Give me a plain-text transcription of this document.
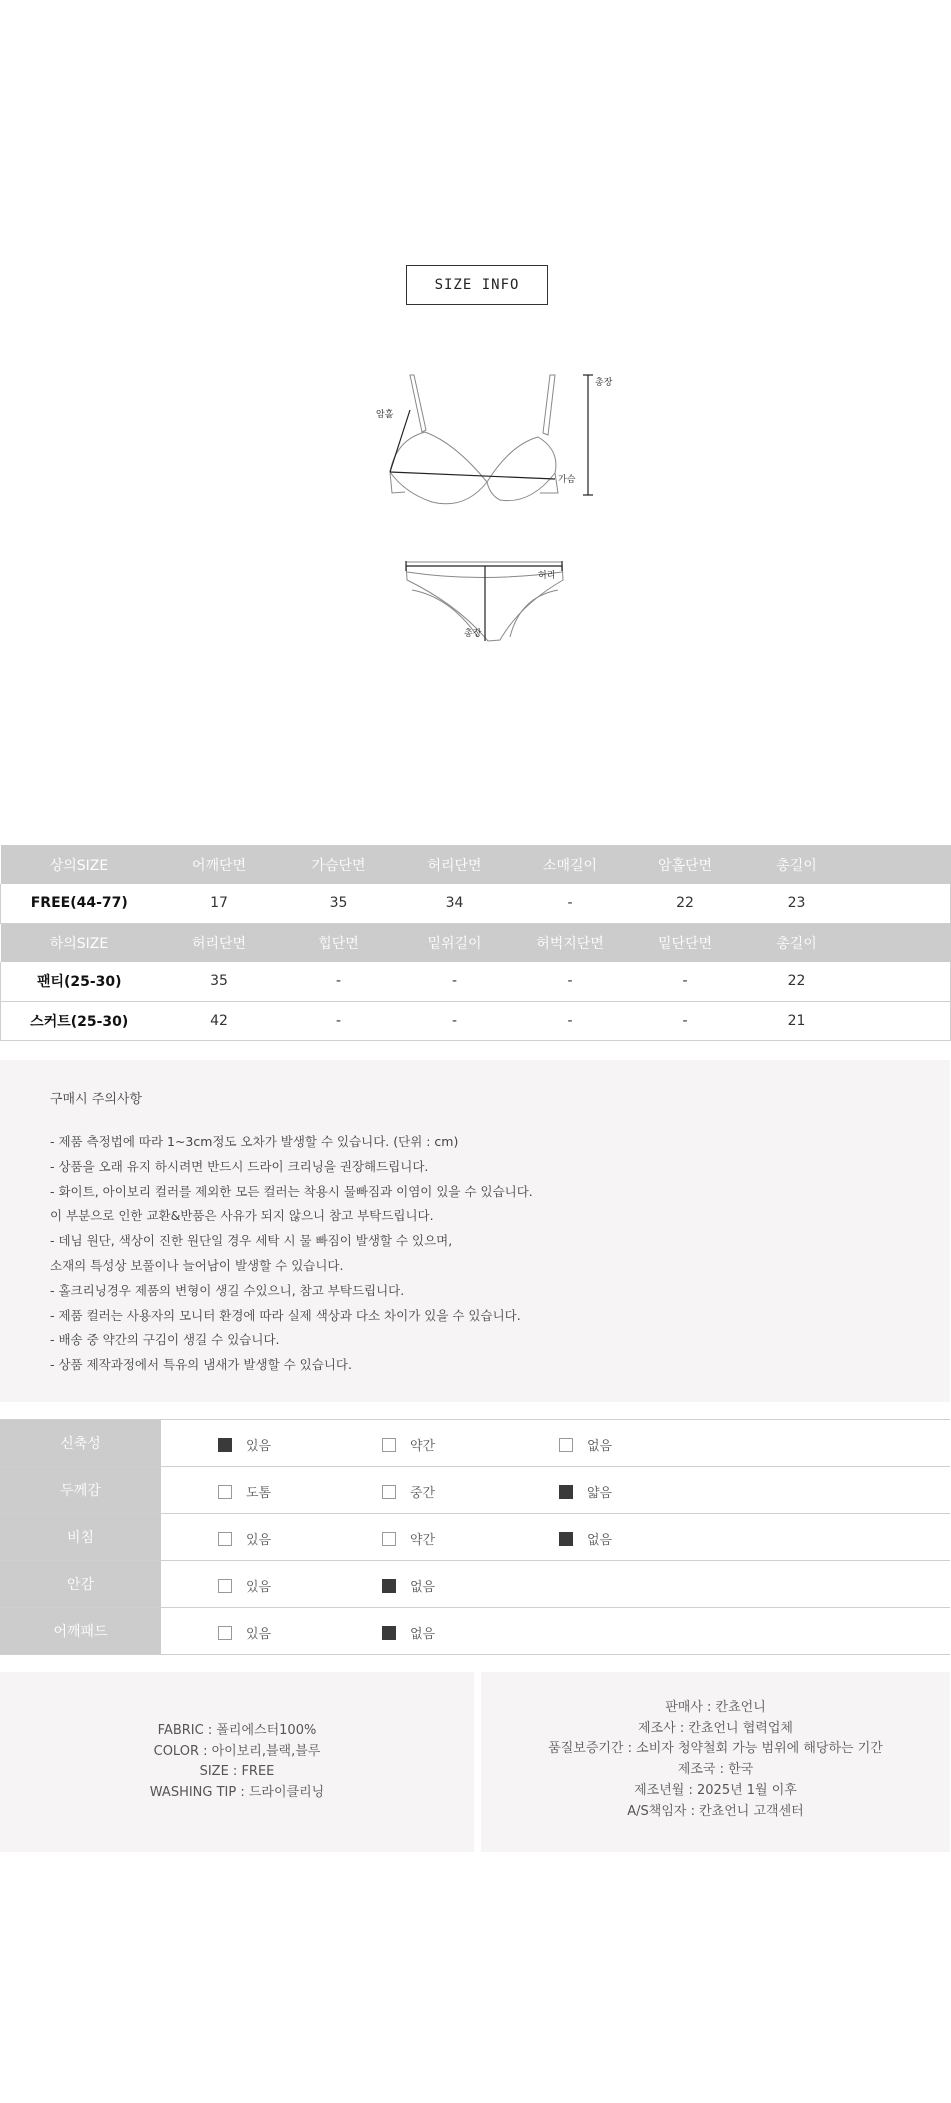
SIZE INFO
암홀
총장
가슴
허리
총장
상의SIZE	어깨단면	가슴단면	허리단면	소매길이	암홀단면	총길이	
FREE(44-77)	17	35	34	-	22	23	
하의SIZE	허리단면	힙단면	밑위길이	허벅지단면	밑단단면	총길이	
팬티(25-30)	35	-	-	-	-	22	
스커트(25-30)	42	-	-	-	-	21	
구매시 주의사항
- 제품 측정법에 따라 1~3cm정도 오차가 발생할 수 있습니다. (단위 : cm)
- 상품을 오래 유지 하시려면 반드시 드라이 크리닝을 권장해드립니다.
- 화이트, 아이보리 컬러를 제외한 모든 컬러는 착용시 물빠짐과 이염이 있을 수 있습니다.
이 부분으로 인한 교환&반품은 사유가 되지 않으니 참고 부탁드립니다.
- 데님 원단, 색상이 진한 원단일 경우 세탁 시 물 빠짐이 발생할 수 있으며,
소재의 특성상 보풀이나 늘어남이 발생할 수 있습니다.
- 홀크리닝경우 제품의 변형이 생길 수있으니, 참고 부탁드립니다.
- 제품 컬러는 사용자의 모니터 환경에 따라 실제 색상과 다소 차이가 있을 수 있습니다.
- 배송 중 약간의 구김이 생길 수 있습니다.
- 상품 제작과정에서 특유의 냄새가 발생할 수 있습니다.
신축성	있음	약간	없음
두께감	도톰	중간	얇음
비침	있음	약간	없음
안감	있음	없음
어깨패드	있음	없음
FABRIC : 폴리에스터100%
COLOR : 아이보리,블랙,블루
SIZE : FREE
WASHING TIP : 드라이클리닝
판매사 : 칸쵸언니
제조사 : 칸쵸언니 협력업체
품질보증기간 : 소비자 청약철회 가능 범위에 해당하는 기간
제조국 : 한국
제조년월 : 2025년 1월 이후
A/S책임자 : 칸쵸언니 고객센터
